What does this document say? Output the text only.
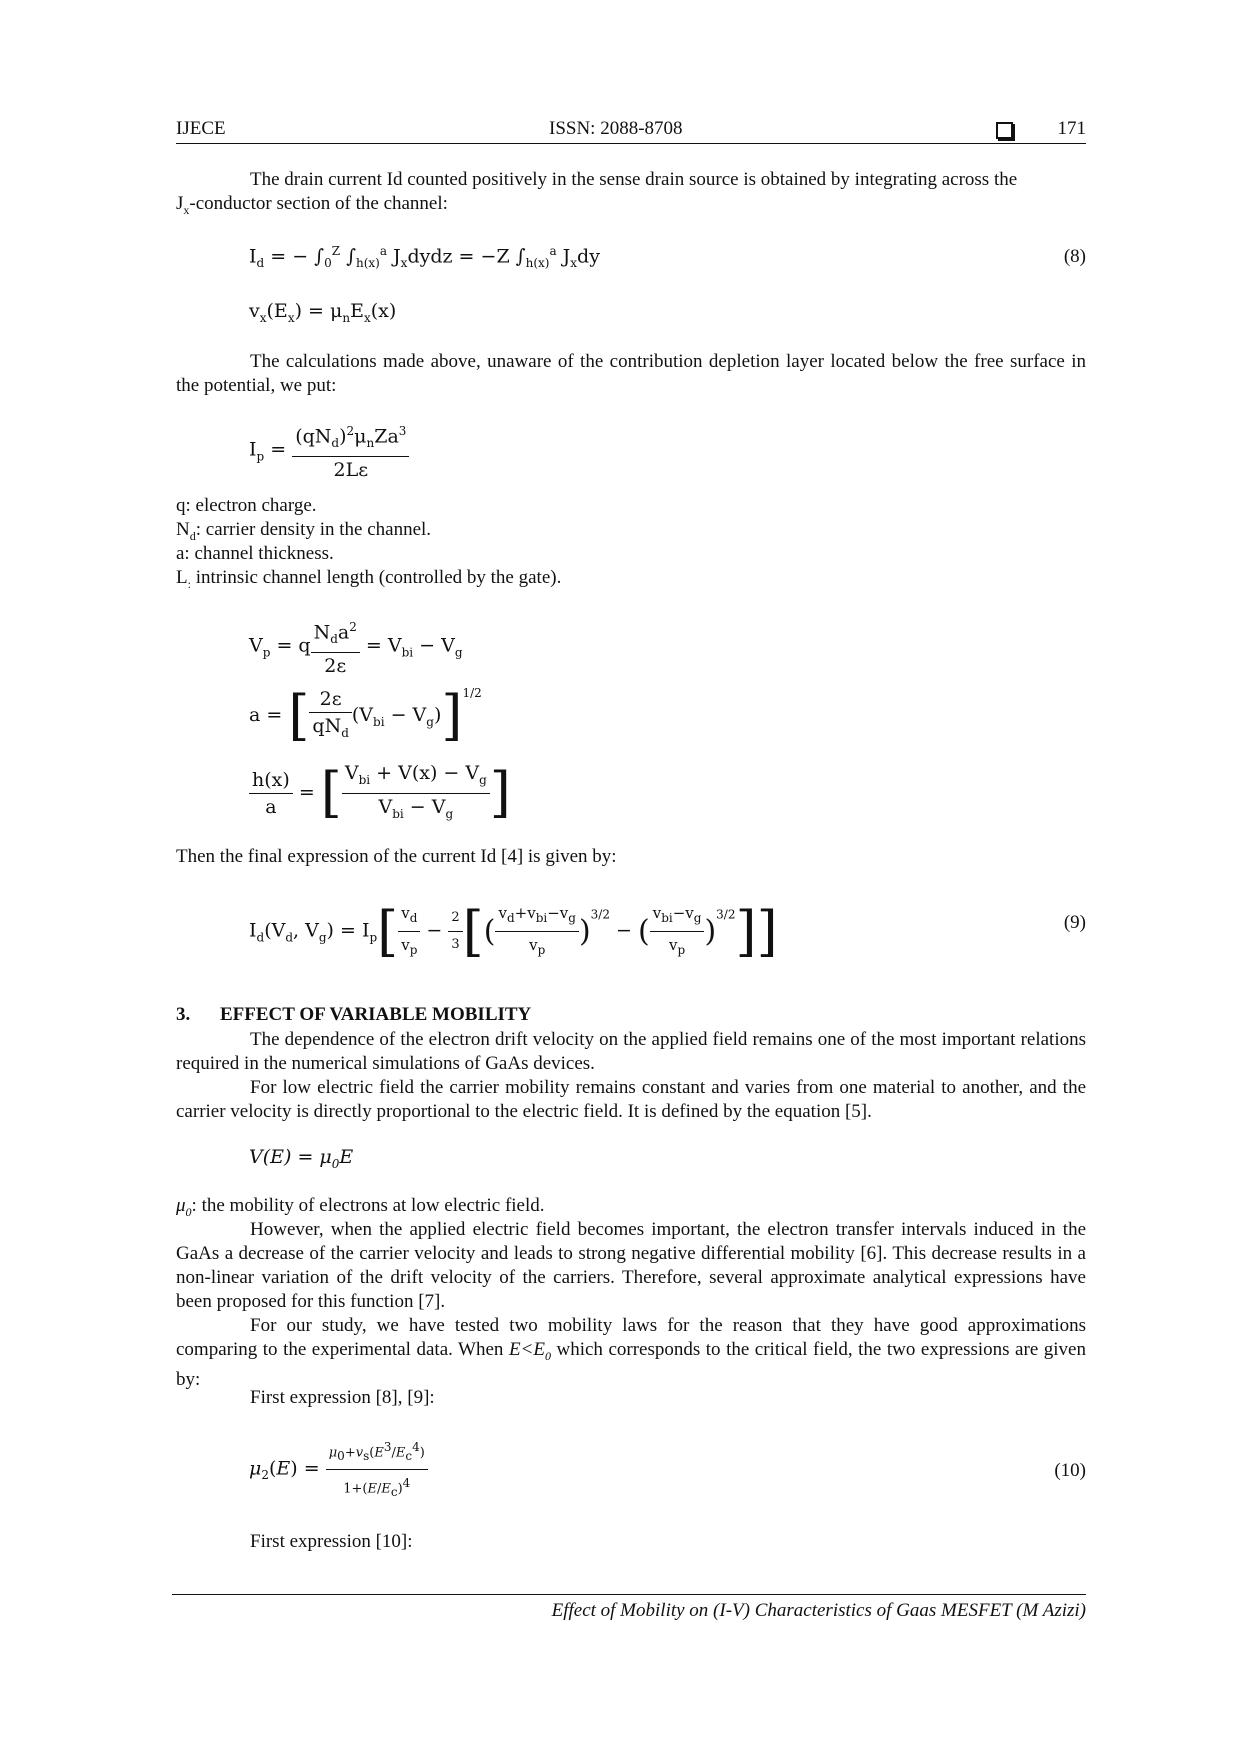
IJECE	ISSN: 2088-8708	171
The drain current Id counted positively in the sense drain source is obtained by integrating across the
$J_x$-conductor section of the channel:
$I_d$ = − $\int_0^Z$ $\int_{h(x)}^a$ $J_xdydz = -Z$ $\int_{h(x)}^a$ $J_xdy$	(8)
$v_x(E_x) = \mu_nE_x(x)$
The calculations made above, unaware of the contribution depletion layer located below the free surface in the potential, we put:
$I_p = \frac{(qN_d)^2\mu_nZa^3}{2L\varepsilon}$
q: electron charge.
$N_d$: carrier density in the channel.
a: channel thickness.
$L_:$ intrinsic channel length (controlled by the gate).
$V_p = q \frac{N_da^2}{2\varepsilon} = V_{bi} - V_g$
a = [ $\frac{2\varepsilon}{qN_d} (V_{bi} - V_g)]^{1/2}$
$\frac{h(x)}{a}$ = [ $\frac{V_{bi} + V(x) - V_g}{V_{bi} - V_g}$ ]
Then the final expression of the current Id [4] is given by:
$I_d(V_d$, $V_g) = I_p[ \frac{v_d}{v_p} - \frac{2}{3}$ [( $\frac{v_d+v_{bi}-v_g}{v_p} )^{3/2}$ − ( $\frac{v_{bi}-v_g}{v_p} )^{3/2}$]]	(9)
3. EFFECT OF VARIABLE MOBILITY
The dependence of the electron drift velocity on the applied field remains one of the most important relations required in the numerical simulations of GaAs devices.
For low electric field the carrier mobility remains constant and varies from one material to another, and the carrier velocity is directly proportional to the electric field. It is defined by the equation [5].
$V(E) = \mu_0E$
$\mu_0$: the mobility of electrons at low electric field.
However, when the applied electric field becomes important, the electron transfer intervals induced in the GaAs a decrease of the carrier velocity and leads to strong negative differential mobility [6]. This decrease results in a non-linear variation of the drift velocity of the carriers. Therefore, several approximate analytical expressions have been proposed for this function [7].
For our study, we have tested two mobility laws for the reason that they have good approximations comparing to the experimental data. When $E<E_0$ which corresponds to the critical field, the two expressions are given by:
First expression [8], [9]:
$\mu_2(E) = \frac{\mu_0+v_s(E^3/E_c^4)}{1+(E/E_c)^4}$	(10)
First expression [10]:
Effect of Mobility on (I-V) Characteristics of Gaas MESFET (M Azizi)
